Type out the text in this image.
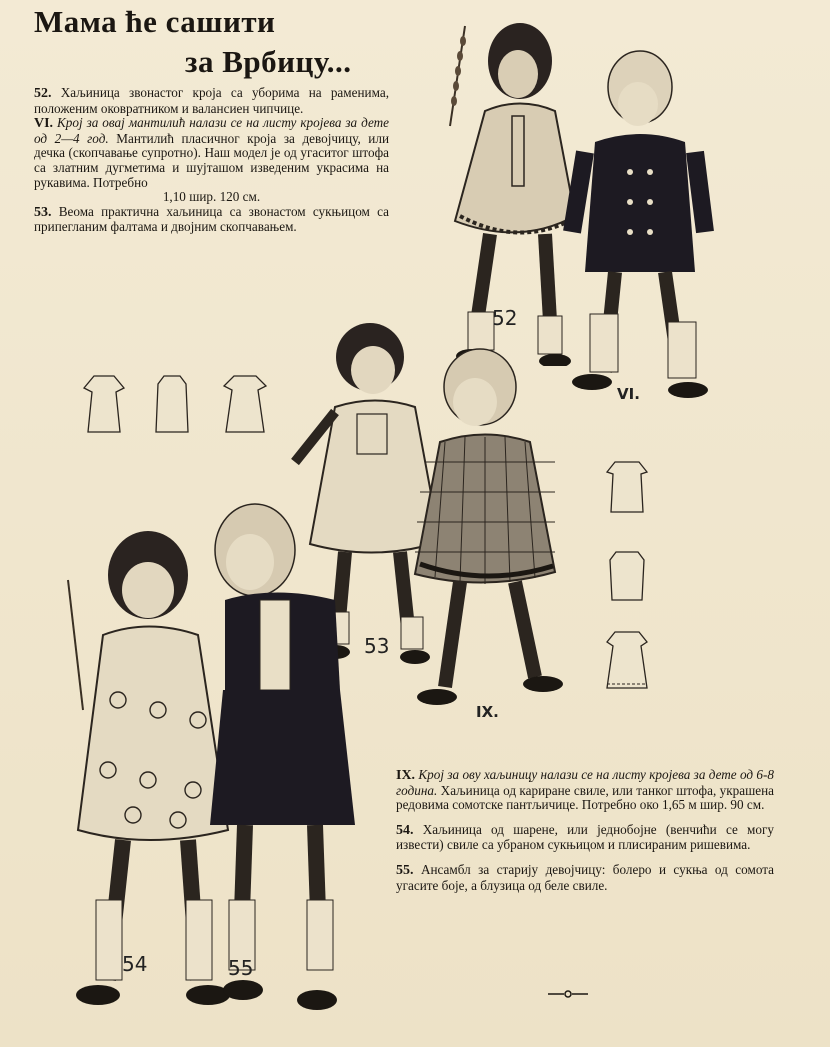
Мама ће сашити
за Врбицу...
52. Хаљиница звонастог кроја са уборима на раменима, положеним оковратником и валансиен чипчице.
VI. Крој за овај мантилић налази се на листу кројева за дете од 2—4 год. Мантилић пласичног кроја за девојчицу, или дечка (скопчавање супротно). Наш модел је од угаситог штофа са златним дугметима и шујташом изведеним украсима на рукавима. Потребно
1,10 шир. 120 см.
53. Веома практична хаљиница са звонастом сукњицом са припегланим фалтама и двојним скопчавањем.
IX. Крој за ову хаљиницу налази се на листу кројева за дете од 6-8 година. Хаљиница од кариране свиле, или танког штофа, украшена редовима сомотске пантљичице. Потребно око 1,65 м шир. 90 см.
54. Хаљиница од шарене, или једнобојне (венчићи се могу извести) свиле са убраном сукњицом и плисираним ришевима.
55. Ансамбл за старију девојчицу: болеро и сукња од сомота угаситe боје, а блузица од беле свиле.
52
VI.
53
IX.
54	55
